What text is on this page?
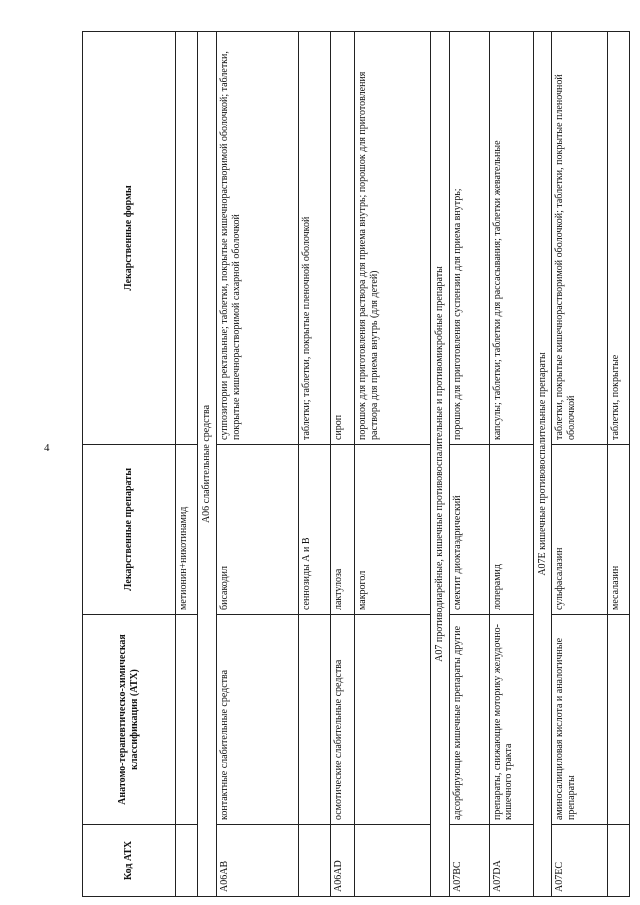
4
Код АТХ	Анатомо-терапевтическо-химическая классификация (АТХ)	Лекарственные препараты	Лекарственные формы
		метионин+никотинамид	
А06 слабительные средства			
А06АВ	контактные слабительные средства	бисакодил	суппозитории ректальные; таблетки, покрытые кишечнорастворимой оболочкой; таблетки, покрытые кишечнорастворимой сахарной оболочкой
		сеннозиды А и В	таблетки; таблетки, покрытые пленочной оболочкой
А06AD	осмотические слабительные средства	лактулоза	сироп
		макрогол	порошок для приготовления раствора для приема внутрь; порошок для приготовления раствора для приема внутрь (для детей)
А07 противодиарейные, кишечные противовоспалительные и противомикробные препараты			
А07ВС	адсорбирующие кишечные препараты другие	смектит диоктаэдрический	порошок для приготовления суспензии для приема внутрь;
А07DA	препараты, снижающие моторику желудочно-кишечного тракта	лоперамид	капсулы; таблетки; таблетки для рассасывания; таблетки жевательные
А07Е кишечные противовоспалительные препараты			
А07ЕС	аминосалициловая кислота и аналогичные препараты	сульфасалазин	таблетки, покрытые кишечнорастворимой оболочкой; таблетки, покрытые пленочной оболочкой
		месалазин	таблетки, покрытые
